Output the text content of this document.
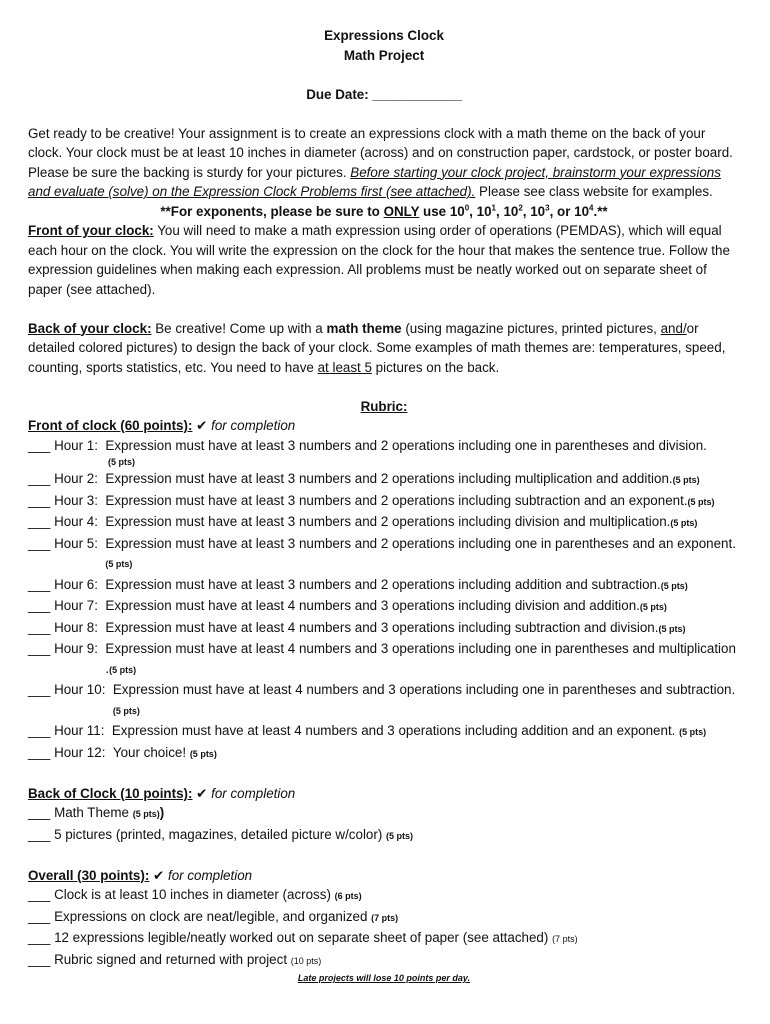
Expressions Clock
Math Project
Due Date: ____________
Get ready to be creative! Your assignment is to create an expressions clock with a math theme on the back of your clock. Your clock must be at least 10 inches in diameter (across) and on construction paper, cardstock, or poster board. Please be sure the backing is sturdy for your pictures. Before starting your clock project, brainstorm your expressions and evaluate (solve) on the Expression Clock Problems first (see attached). Please see class website for examples.
**For exponents, please be sure to ONLY use $10^0$, $10^1$, $10^2$, $10^3$, or $10^4.**$
Front of your clock: You will need to make a math expression using order of operations (PEMDAS), which will equal each hour on the clock. You will write the expression on the clock for the hour that makes the sentence true. Follow the expression guidelines when making each expression. All problems must be neatly worked out on separate sheet of paper (see attached).
Back of your clock: Be creative! Come up with a math theme (using magazine pictures, printed pictures, and/or detailed colored pictures) to design the back of your clock. Some examples of math themes are: temperatures, speed, counting, sports statistics, etc. You need to have at least 5 pictures on the back.
Rubric:
Front of clock (60 points): ✔ for completion
___ Hour 1: Expression must have at least 3 numbers and 2 operations including one in parentheses and division.
(5 pts)
___ Hour 2: Expression must have at least 3 numbers and 2 operations including multiplication and addition.(5 pts)
___ Hour 3: Expression must have at least 3 numbers and 2 operations including subtraction and an exponent.(5 pts)
___ Hour 4: Expression must have at least 3 numbers and 2 operations including division and multiplication.(5 pts)
___ Hour 5: Expression must have at least 3 numbers and 2 operations including one in parentheses and an exponent.(5 pts)
___ Hour 6: Expression must have at least 3 numbers and 2 operations including addition and subtraction.(5 pts)
___ Hour 7: Expression must have at least 4 numbers and 3 operations including division and addition.(5 pts)
___ Hour 8: Expression must have at least 4 numbers and 3 operations including subtraction and division.(5 pts)
___ Hour 9: Expression must have at least 4 numbers and 3 operations including one in parentheses and multiplication .(5 pts)
___ Hour 10: Expression must have at least 4 numbers and 3 operations including one in parentheses and subtraction.(5 pts)
___ Hour 11: Expression must have at least 4 numbers and 3 operations including addition and an exponent. (5 pts)
___ Hour 12: Your choice! (5 pts)
Back of Clock (10 points): ✔ for completion
___ Math Theme (5 pts))
___ 5 pictures (printed, magazines, detailed picture w/color) (5 pts)
Overall (30 points): ✔ for completion
___ Clock is at least 10 inches in diameter (across) (6 pts)
___ Expressions on clock are neat/legible, and organized (7 pts)
___ 12 expressions legible/neatly worked out on separate sheet of paper (see attached) (7 pts)
___ Rubric signed and returned with project (10 pts)
Late projects will lose 10 points per day.
